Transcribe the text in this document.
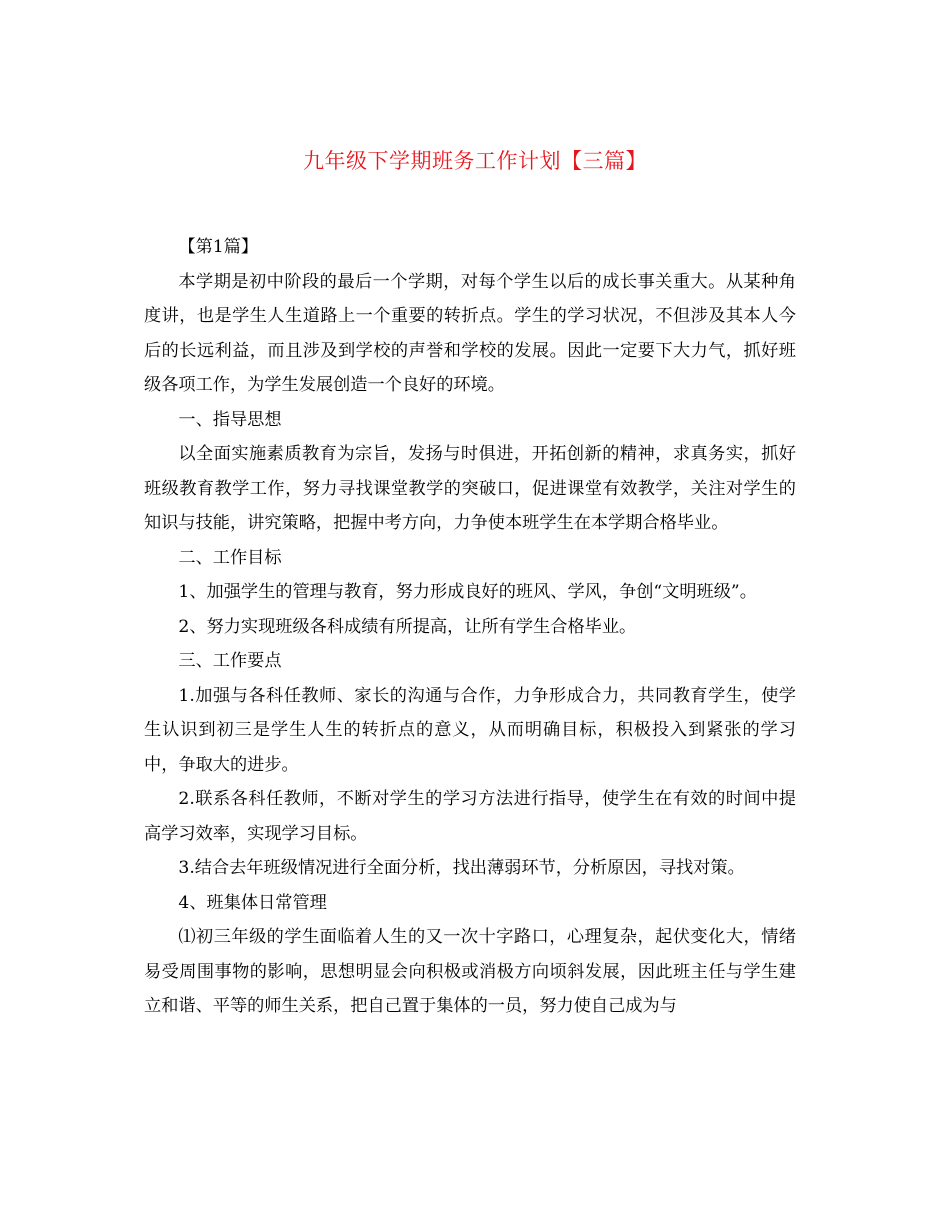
九年级下学期班务工作计划【三篇】

【第1篇】

本学期是初中阶段的最后一个学期，对每个学生以后的成长事关重大。从某种角度讲，也是学生人生道路上一个重要的转折点。学生的学习状况，不但涉及其本人今后的长远利益，而且涉及到学校的声誉和学校的发展。因此一定要下大力气，抓好班级各项工作，为学生发展创造一个良好的环境。

一、指导思想

以全面实施素质教育为宗旨，发扬与时俱进，开拓创新的精神，求真务实，抓好班级教育教学工作，努力寻找课堂教学的突破口，促进课堂有效教学，关注对学生的知识与技能，讲究策略，把握中考方向，力争使本班学生在本学期合格毕业。

二、工作目标

1、加强学生的管理与教育，努力形成良好的班风、学风，争创“文明班级”。

2、努力实现班级各科成绩有所提高，让所有学生合格毕业。

三、工作要点

1.加强与各科任教师、家长的沟通与合作，力争形成合力，共同教育学生，使学生认识到初三是学生人生的转折点的意义，从而明确目标，积极投入到紧张的学习中，争取大的进步。

2.联系各科任教师，不断对学生的学习方法进行指导，使学生在有效的时间中提高学习效率，实现学习目标。

3.结合去年班级情况进行全面分析，找出薄弱环节，分析原因，寻找对策。

4、班集体日常管理

⑴初三年级的学生面临着人生的又一次十字路口，心理复杂，起伏变化大，情绪易受周围事物的影响，思想明显会向积极或消极方向顷斜发展，因此班主任与学生建立和谐、平等的师生关系，把自己置于集体的一员，努力使自己成为与
